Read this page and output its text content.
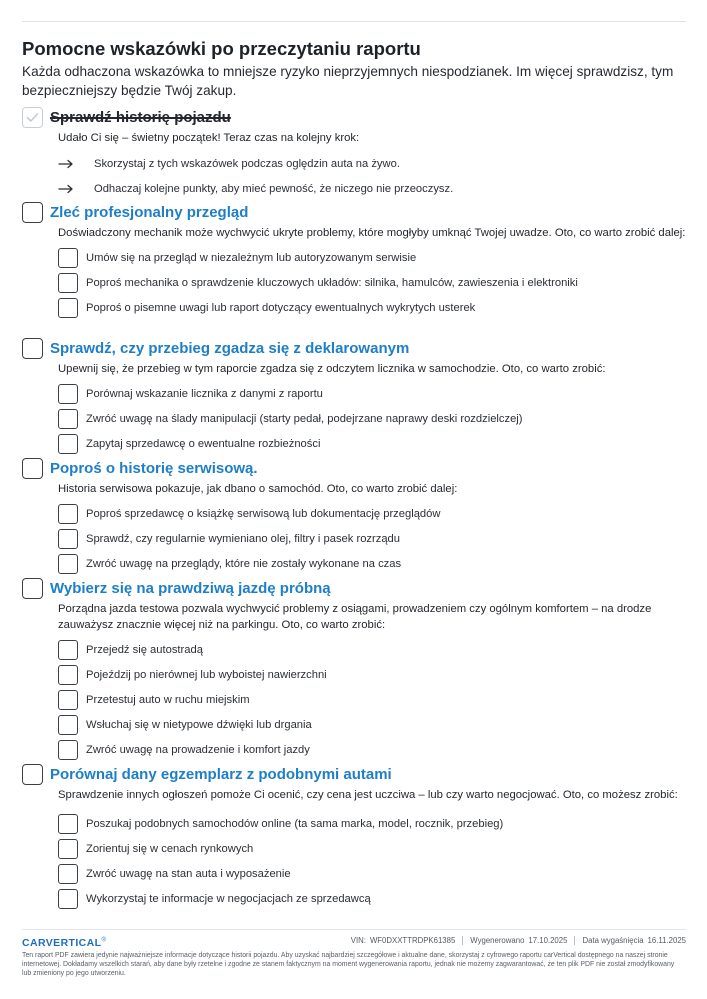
Pomocne wskazówki po przeczytaniu raportu

Każda odhaczona wskazówka to mniejsze ryzyko nieprzyjemnych niespodzianek. Im więcej sprawdzisz, tym bezpieczniejszy będzie Twój zakup.

Sprawdź historię pojazdu
Udało Ci się – świetny początek! Teraz czas na kolejny krok:
Skorzystaj z tych wskazówek podczas oględzin auta na żywo.
Odhaczaj kolejne punkty, aby mieć pewność, że niczego nie przeoczysz.
Zleć profesjonalny przegląd
Doświadczony mechanik może wychwycić ukryte problemy, które mogłyby umknąć Twojej uwadze. Oto, co warto zrobić dalej:
Umów się na przegląd w niezależnym lub autoryzowanym serwisie
Poproś mechanika o sprawdzenie kluczowych układów: silnika, hamulców, zawieszenia i elektroniki
Poproś o pisemne uwagi lub raport dotyczący ewentualnych wykrytych usterek
Sprawdź, czy przebieg zgadza się z deklarowanym
Upewnij się, że przebieg w tym raporcie zgadza się z odczytem licznika w samochodzie. Oto, co warto zrobić:
Porównaj wskazanie licznika z danymi z raportu
Zwróć uwagę na ślady manipulacji (starty pedał, podejrzane naprawy deski rozdzielczej)
Zapytaj sprzedawcę o ewentualne rozbieżności
Poproś o historię serwisową.
Historia serwisowa pokazuje, jak dbano o samochód. Oto, co warto zrobić dalej:
Poproś sprzedawcę o książkę serwisową lub dokumentację przeglądów
Sprawdź, czy regularnie wymieniano olej, filtry i pasek rozrządu
Zwróć uwagę na przeglądy, które nie zostały wykonane na czas
Wybierz się na prawdziwą jazdę próbną
Porządna jazda testowa pozwala wychwycić problemy z osiągami, prowadzeniem czy ogólnym komfortem – na drodze zauważysz znacznie więcej niż na parkingu. Oto, co warto zrobić:
Przejedź się autostradą
Pojeździj po nierównej lub wyboistej nawierzchni
Przetestuj auto w ruchu miejskim
Wsłuchaj się w nietypowe dźwięki lub drgania
Zwróć uwagę na prowadzenie i komfort jazdy
Porównaj dany egzemplarz z podobnymi autami
Sprawdzenie innych ogłoszeń pomoże Ci ocenić, czy cena jest uczciwa – lub czy warto negocjować. Oto, co możesz zrobić:
Poszukaj podobnych samochodów online (ta sama marka, model, rocznik, przebieg)
Zorientuj się w cenach rynkowych
Zwróć uwagę na stan auta i wyposażenie
Wykorzystaj te informacje w negocjacjach ze sprzedawcą
CARVERTICAL®	VIN: WF0DXXTTRDPK61385 Wygenerowano 17.10.2025 Data wygaśnięcia 16.11.2025

Ten raport PDF zawiera jedynie najważniejsze informacje dotyczące historii pojazdu. Aby uzyskać najbardziej szczegółowe i aktualne dane, skorzystaj z cyfrowego raportu carVertical dostępnego na naszej stronie internetowej. Dokładamy wszelkich starań, aby dane były rzetelne i zgodne ze stanem faktycznym na moment wygenerowania raportu, jednak nie możemy zagwarantować, że ten plik PDF nie został zmodyfikowany lub zmieniony po jego utworzeniu.
